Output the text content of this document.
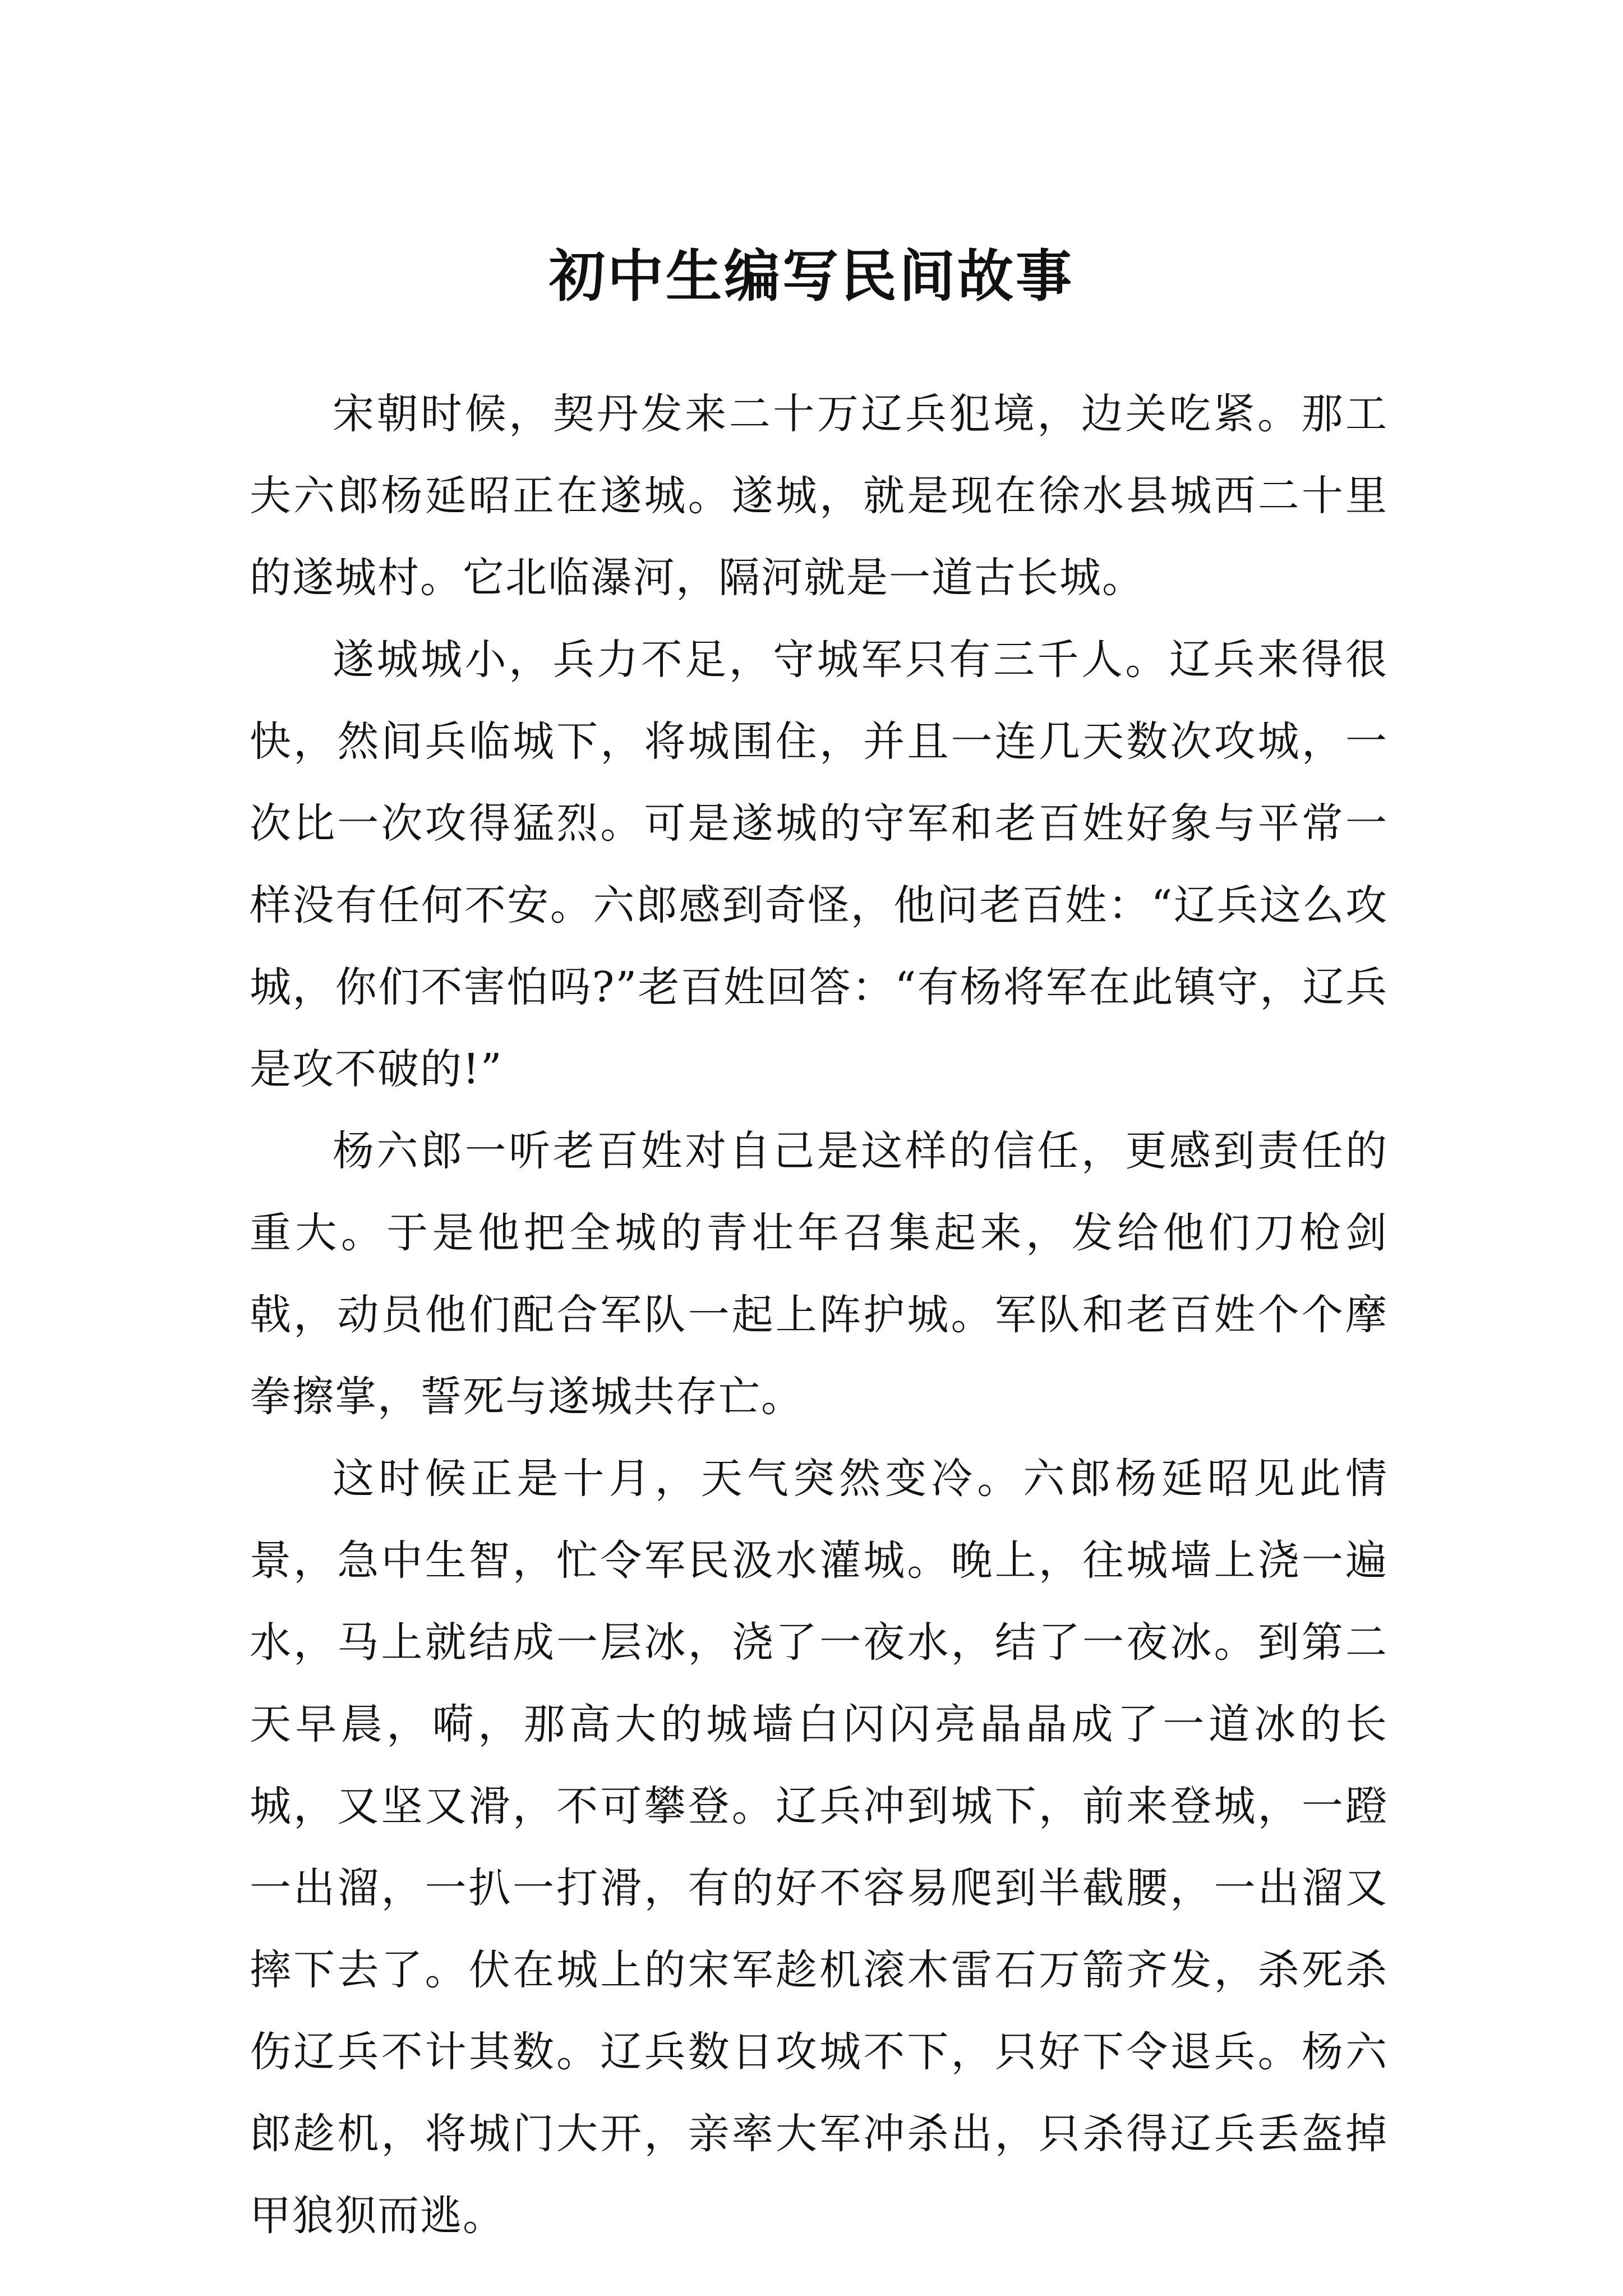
初中生编写民间故事

宋朝时候，契丹发来二十万辽兵犯境，边关吃紧。那工夫六郎杨延昭正在遂城。遂城，就是现在徐水县城西二十里的遂城村。它北临瀑河，隔河就是一道古长城。

遂城城小，兵力不足，守城军只有三千人。辽兵来得很快，然间兵临城下，将城围住，并且一连几天数次攻城，一次比一次攻得猛烈。可是遂城的守军和老百姓好象与平常一样没有任何不安。六郎感到奇怪，他问老百姓：“辽兵这么攻城，你们不害怕吗?”老百姓回答：“有杨将军在此镇守，辽兵是攻不破的!”

杨六郎一听老百姓对自己是这样的信任，更感到责任的重大。于是他把全城的青壮年召集起来，发给他们刀枪剑戟，动员他们配合军队一起上阵护城。军队和老百姓个个摩拳擦掌，誓死与遂城共存亡。

这时候正是十月，天气突然变冷。六郎杨延昭见此情景，急中生智，忙令军民汲水灌城。晚上，往城墙上浇一遍水，马上就结成一层冰，浇了一夜水，结了一夜冰。到第二天早晨，嗬，那高大的城墙白闪闪亮晶晶成了一道冰的长城，又坚又滑，不可攀登。辽兵冲到城下，前来登城，一蹬一出溜，一扒一打滑，有的好不容易爬到半截腰，一出溜又摔下去了。伏在城上的宋军趁机滚木雷石万箭齐发，杀死杀伤辽兵不计其数。辽兵数日攻城不下，只好下令退兵。杨六郎趁机，将城门大开，亲率大军冲杀出，只杀得辽兵丢盔掉甲狼狈而逃。
